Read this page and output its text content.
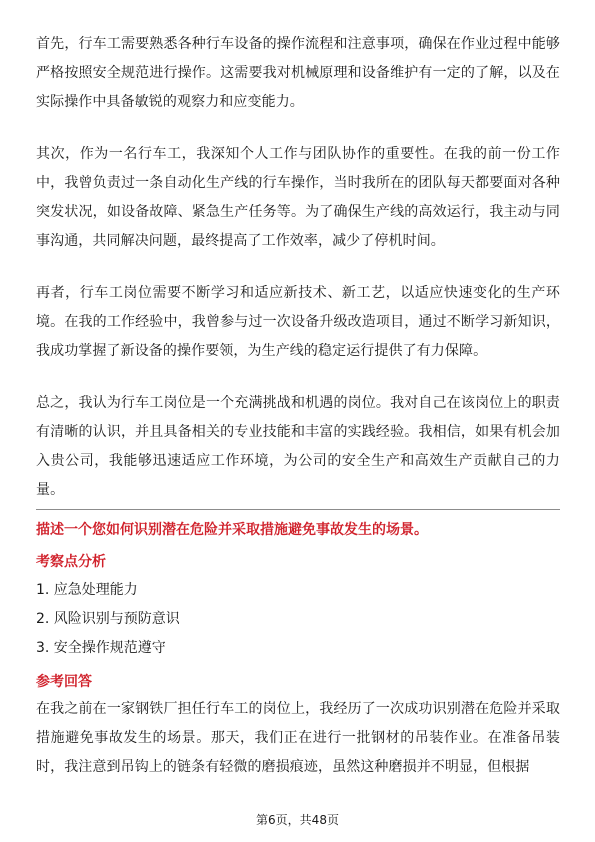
首先，行车工需要熟悉各种行车设备的操作流程和注意事项，确保在作业过程中能够严格按照安全规范进行操作。这需要我对机械原理和设备维护有一定的了解，以及在实际操作中具备敏锐的观察力和应变能力。

其次，作为一名行车工，我深知个人工作与团队协作的重要性。在我的前一份工作中，我曾负责过一条自动化生产线的行车操作，当时我所在的团队每天都要面对各种突发状况，如设备故障、紧急生产任务等。为了确保生产线的高效运行，我主动与同事沟通，共同解决问题，最终提高了工作效率，减少了停机时间。

再者，行车工岗位需要不断学习和适应新技术、新工艺，以适应快速变化的生产环境。在我的工作经验中，我曾参与过一次设备升级改造项目，通过不断学习新知识，我成功掌握了新设备的操作要领，为生产线的稳定运行提供了有力保障。

总之，我认为行车工岗位是一个充满挑战和机遇的岗位。我对自己在该岗位上的职责有清晰的认识，并且具备相关的专业技能和丰富的实践经验。我相信，如果有机会加入贵公司，我能够迅速适应工作环境，为公司的安全生产和高效生产贡献自己的力量。

描述一个您如何识别潜在危险并采取措施避免事故发生的场景。
考察点分析
1. 应急处理能力
2. 风险识别与预防意识
3. 安全操作规范遵守
参考回答

在我之前在一家钢铁厂担任行车工的岗位上，我经历了一次成功识别潜在危险并采取措施避免事故发生的场景。那天，我们正在进行一批钢材的吊装作业。在准备吊装时，我注意到吊钩上的链条有轻微的磨损痕迹，虽然这种磨损并不明显，但根据

第6页，共48页
